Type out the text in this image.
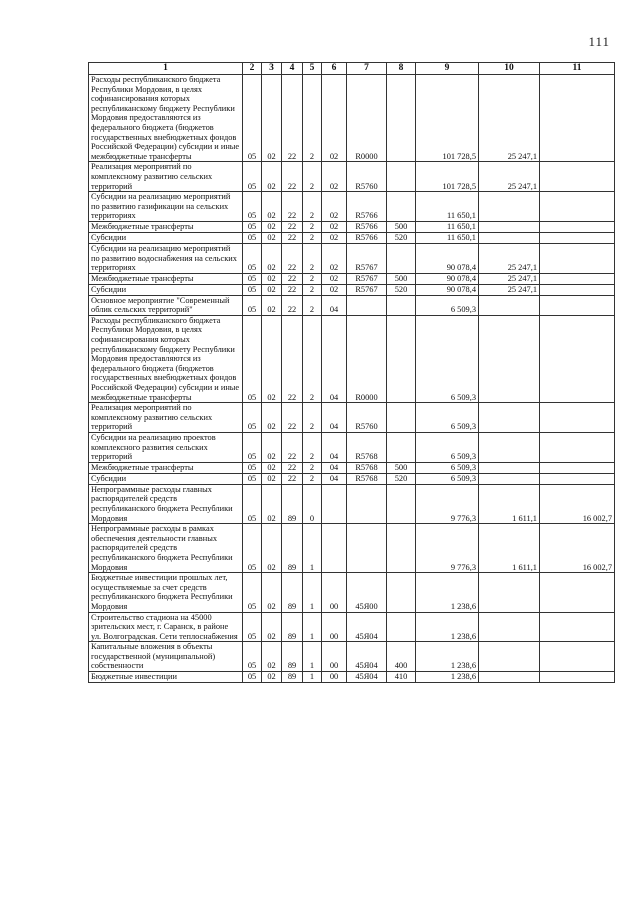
111
1	2	3	4	5	6	7	8	9	10	11
Расходы республиканского бюджета Республики Мордовия, в целях софинансирования которых республиканскому бюджету Республики Мордовия предоставляются из федерального бюджета (бюджетов государственных внебюджетных фондов Российской Федерации) субсидии и иные межбюджетные трансферты	05	02	22	2	02	R0000		101 728,5	25 247,1	
Реализация мероприятий по комплексному развитию сельских территорий	05	02	22	2	02	R5760		101 728,5	25 247,1	
Субсидии на реализацию мероприятий по развитию газификации на сельских территориях	05	02	22	2	02	R5766		11 650,1		
Межбюджетные трансферты	05	02	22	2	02	R5766	500	11 650,1		
Субсидии	05	02	22	2	02	R5766	520	11 650,1		
Субсидии на реализацию мероприятий по развитию водоснабжения на сельских территориях	05	02	22	2	02	R5767		90 078,4	25 247,1	
Межбюджетные трансферты	05	02	22	2	02	R5767	500	90 078,4	25 247,1	
Субсидии	05	02	22	2	02	R5767	520	90 078,4	25 247,1	
Основное мероприятие "Современный облик сельских территорий"	05	02	22	2	04			6 509,3		
Расходы республиканского бюджета Республики Мордовия, в целях софинансирования которых республиканскому бюджету Республики Мордовия предоставляются из федерального бюджета (бюджетов государственных внебюджетных фондов Российской Федерации) субсидии и иные межбюджетные трансферты	05	02	22	2	04	R0000		6 509,3		
Реализация мероприятий по комплексному развитию сельских территорий	05	02	22	2	04	R5760		6 509,3		
Субсидии на реализацию проектов комплексного развития сельских территорий	05	02	22	2	04	R5768		6 509,3		
Межбюджетные трансферты	05	02	22	2	04	R5768	500	6 509,3		
Субсидии	05	02	22	2	04	R5768	520	6 509,3		
Непрограммные расходы главных распорядителей средств республиканского бюджета Республики Мордовия	05	02	89	0				9 776,3	1 611,1	16 002,7
Непрограммные расходы в рамках обеспечения деятельности главных распорядителей средств республиканского бюджета Республики Мордовия	05	02	89	1				9 776,3	1 611,1	16 002,7
Бюджетные инвестиции прошлых лет, осуществляемые за счет средств республиканского бюджета Республики Мордовия	05	02	89	1	00	45Я00		1 238,6		
Строительство стадиона на 45000 зрительских мест, г. Саранск, в районе ул. Волгоградская. Сети теплоснабжения	05	02	89	1	00	45Я04		1 238,6		
Капитальные вложения в объекты государственной (муниципальной) собственности	05	02	89	1	00	45Я04	400	1 238,6		
Бюджетные инвестиции	05	02	89	1	00	45Я04	410	1 238,6		
